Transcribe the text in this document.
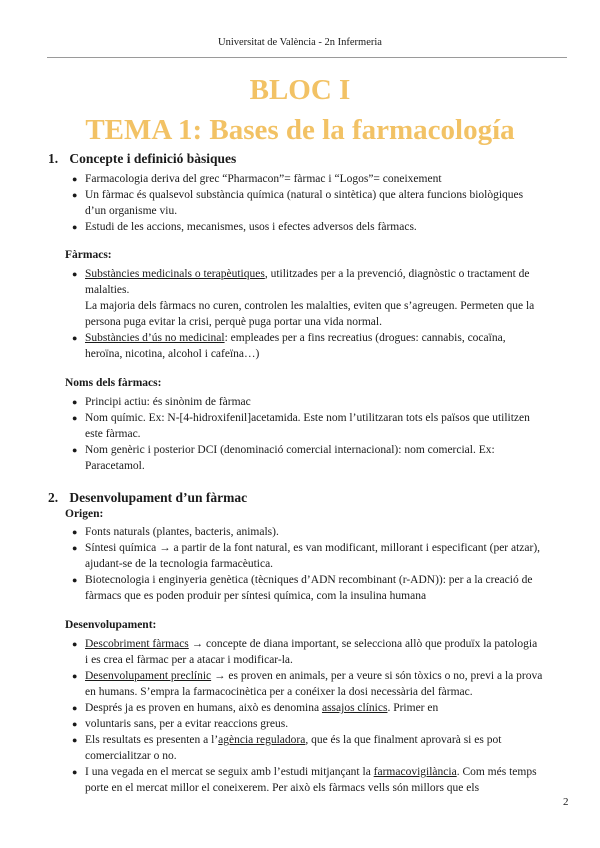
Universitat de València - 2n Infermeria
BLOC I
TEMA 1: Bases de la farmacología
1. Concepte i definició bàsiques
● Farmacologia deriva del grec “Pharmacon”= fàrmac i “Logos”= coneixement
● Un fàrmac és qualsevol substància química (natural o sintètica) que altera funcions biològiques d’un organisme viu.
● Estudi de les accions, mecanismes, usos i efectes adversos dels fàrmacs.
Fàrmacs:
● Substàncies medicinals o terapèutiques, utilitzades per a la prevenció, diagnòstic o tractament de malalties.
La majoria dels fàrmacs no curen, controlen les malalties, eviten que s’agreugen. Permeten que la persona puga evitar la crisi, perquè puga portar una vida normal.
● Substàncies d’ús no medicinal: empleades per a fins recreatius (drogues: cannabis, cocaïna, heroïna, nicotina, alcohol i cafeïna…)
Noms dels fàrmacs:
● Principi actiu: és sinònim de fàrmac
● Nom químic. Ex: N-[4-hidroxifenil]acetamida. Este nom l’utilitzaran tots els països que utilitzen este fàrmac.
● Nom genèric i posterior DCI (denominació comercial internacional): nom comercial. Ex: Paracetamol.
2. Desenvolupament d’un fàrmac
Origen:
● Fonts naturals (plantes, bacteris, animals).
● Síntesi química → a partir de la font natural, es van modificant, millorant i especificant (per atzar), ajudant-se de la tecnologia farmacèutica.
● Biotecnologia i enginyeria genètica (tècniques d’ADN recombinant (r-ADN)): per a la creació de fàrmacs que es poden produir per síntesi química, com la insulina humana
Desenvolupament:
● Descobriment fàrmacs → concepte de diana important, se selecciona allò que produïx la patologia i es crea el fàrmac per a atacar i modificar-la.
● Desenvolupament preclínic → es proven en animals, per a veure si són tòxics o no, previ a la prova en humans. S’empra la farmacocinètica per a conéixer la dosi necessària del fàrmac.
● Després ja es proven en humans, això es denomina assajos clínics. Primer en
● voluntaris sans, per a evitar reaccions greus.
● Els resultats es presenten a l’agència reguladora, que és la que finalment aprovarà si es pot comercialitzar o no.
● I una vegada en el mercat se seguix amb l’estudi mitjançant la farmacovigilància. Com més temps porte en el mercat millor el coneixerem. Per això els fàrmacs vells són millors que els
2
